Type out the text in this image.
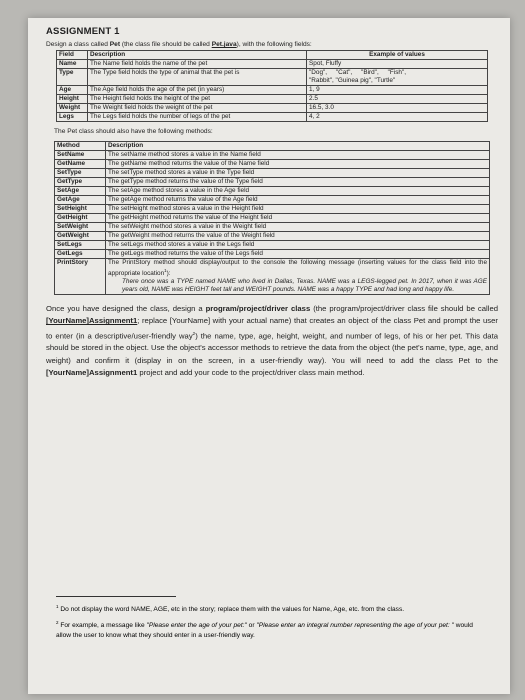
ASSIGNMENT 1
Design a class called Pet (the class file should be called Pet.java), with the following fields:
Field	Description	Example of values
Name	The Name field holds the name of the pet	Spot, Fluffy
Type	The Type field holds the type of animal that the pet is	"Dog",     "Cat",     "Bird",     "Fish",
"Rabbit", "Guinea pig", "Turtle"
Age	The Age field holds the age of the pet (in years)	1, 9
Height	The Height field holds the height of the pet	2.5
Weight	The Weight field holds the weight of the pet	16.5, 3.0
Legs	The Legs field holds the number of legs of the pet	4, 2
The Pet class should also have the following methods:
Method	Description
SetName	The setName method stores a value in the Name field
GetName	The getName method returns the value of the Name field
SetType	The setType method stores a value in the Type field
GetType	The getType method returns the value of the Type field
SetAge	The setAge method stores a value in the Age field
GetAge	The getAge method returns the value of the Age field
SetHeight	The setHeight method stores a value in the Height field
GetHeight	The getHeight method returns the value of the Height field
SetWeight	The setWeight method stores a value in the Weight field
GetWeight	The getWeight method returns the value of the Weight field
SetLegs	The setLegs method stores a value in the Legs field
GetLegs	The getLegs method returns the value of the Legs field
PrintStory	The PrintStory method should display/output to the console the following message (inserting values for the class field into the appropriate location$^1$):
There once was a TYPE named NAME who lived in Dallas, Texas. NAME was a LEGS-legged pet. In 2017, when it was AGE years old, NAME was HEIGHT feet tall and WEIGHT pounds. NAME was a happy TYPE and had long and happy life.

Once you have designed the class, design a program/project/driver class (the program/project/driver class file should be called [YourName]Assignment1; replace [YourName] with your actual name) that creates an object of the class Pet and prompt the user to enter (in a descriptive/user-friendly way$^2$) the name, type, age, height, weight, and number of legs, of his or her pet. This data should be stored in the object. Use the object's accessor methods to retrieve the data from the object (the pet's name, type, age, and weight) and confirm it (display in on the screen, in a user-friendly way). You will need to add the class Pet to the [YourName]Assignment1 project and add your code to the project/driver class main method.

$^1$ Do not display the word NAME, AGE, etc in the story; replace them with the values for Name, Age, etc. from the class.
$^2$ For example, a message like "Please enter the age of your pet:" or "Please enter an integral number representing the age of your pet: " would allow the user to know what they should enter in a user-friendly way.
